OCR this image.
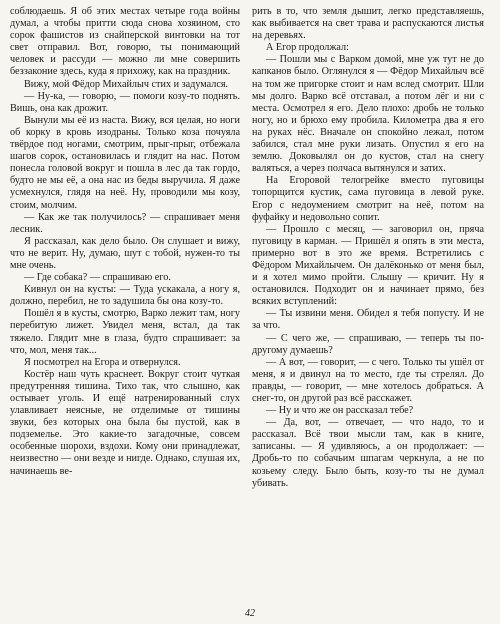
соблюдаешь. Я об этих местах четыре года войны думал, а чтобы притти сюда снова хозяином, сто сорок фашистов из снайперской винтовки на тот свет отправил. Вот, говорю, ты понимающий человек и рассуди — можно ли мне совершить беззаконие здесь, куда я прихожу, как на праздник.

Вижу, мой Фёдор Михайлыч стих и задумался.

— Ну-ка, — говорю, — помоги козу-то поднять. Вишь, она как дрожит.

Вынули мы её из наста. Вижу, вся целая, но ноги об корку в кровь изодраны. Только коза почуяла твёрдое под ногами, смотрим, прыг-прыг, отбежала шагов сорок, остановилась и глядит на нас. Потом понесла головой вокруг и пошла в лес да так гордо, будто не мы её, а она нас из беды выручила. Я даже усмехнулся, глядя на неё. Ну, проводили мы козу, стоим, молчим.

— Как же так получилось? — спрашивает меня лесник.

Я рассказал, как дело было. Он слушает и вижу, что не верит. Ну, думаю, шут с тобой, нужен-то ты мне очень.

— Где собака? — спрашиваю его.

Кивнул он на кусты: — Туда ускакала, а ногу я, должно, перебил, не то задушила бы она козу-то.

Пошёл я в кусты, смотрю, Варко лежит там, ногу перебитую лижет. Увидел меня, встал, да так тяжело. Глядит мне в глаза, будто спрашивает: за что, мол, меня так...

Я посмотрел на Егора и отвернулся.

Костёр наш чуть краснеет. Вокруг стоит чуткая предутренняя тишина. Тихо так, что слышно, как остывает уголь. И ещё натренированный слух улавливает неясные, не отделимые от тишины звуки, без которых она была бы пустой, как в подземелье. Это какие-то загадочные, совсем особенные шорохи, вздохи. Кому они принадлежат, неизвестно — они везде и нигде. Однако, слушая их, начинаешь ве-

рить в то, что земля дышит, легко представляешь, как выбивается на свет трава и распускаются листья на деревьях.

А Егор продолжал:

— Пошли мы с Варком домой, мне уж тут не до капканов было. Оглянулся я — Фёдор Михайлыч всё на том же пригорке стоит и нам вслед смотрит. Шли мы долго. Варко всё отставал, а потом лёг и ни с места. Осмотрел я его. Дело плохо: дробь не только ногу, но и брюхо ему пробила. Километра два я его на руках нёс. Вначале он спокойно лежал, потом забился, стал мне руки лизать. Опустил я его на землю. Доковылял он до кустов, стал на снегу валяться, а через полчаса вытянулся и затих.

На Егоровой телогрейке вместо пуговицы топорщится кустик, сама пуговица в левой руке. Егор с недоумением смотрит на неё, потом на фуфайку и недовольно сопит.

— Прошло с месяц, — заговорил он, пряча пуговицу в карман. — Пришёл я опять в эти места, примерно вот в это же время. Встретились с Фёдором Михайлычем. Он далёконько от меня был, и я хотел мимо пройти. Слышу — кричит. Ну я остановился. Подходит он и начинает прямо, без всяких вступлений:

— Ты извини меня. Обидел я тебя попусту. И не за что.

— С чего же, — спрашиваю, — теперь ты по-другому думаешь?

— А вот, — говорит, — с чего. Только ты ушёл от меня, я и двинул на то место, где ты стрелял. До правды, — говорит, — мне хотелось добраться. А снег-то, он другой раз всё расскажет.

— Ну и что же он рассказал тебе?

— Да, вот, — отвечает, — что надо, то и рассказал. Всё твои мысли там, как в книге, записаны. — Я удивляюсь, а он продолжает: — Дробь-то по собачьим шпагам черкнула, а не по козьему следу. Было быть, козу-то ты не думал убивать.

42
